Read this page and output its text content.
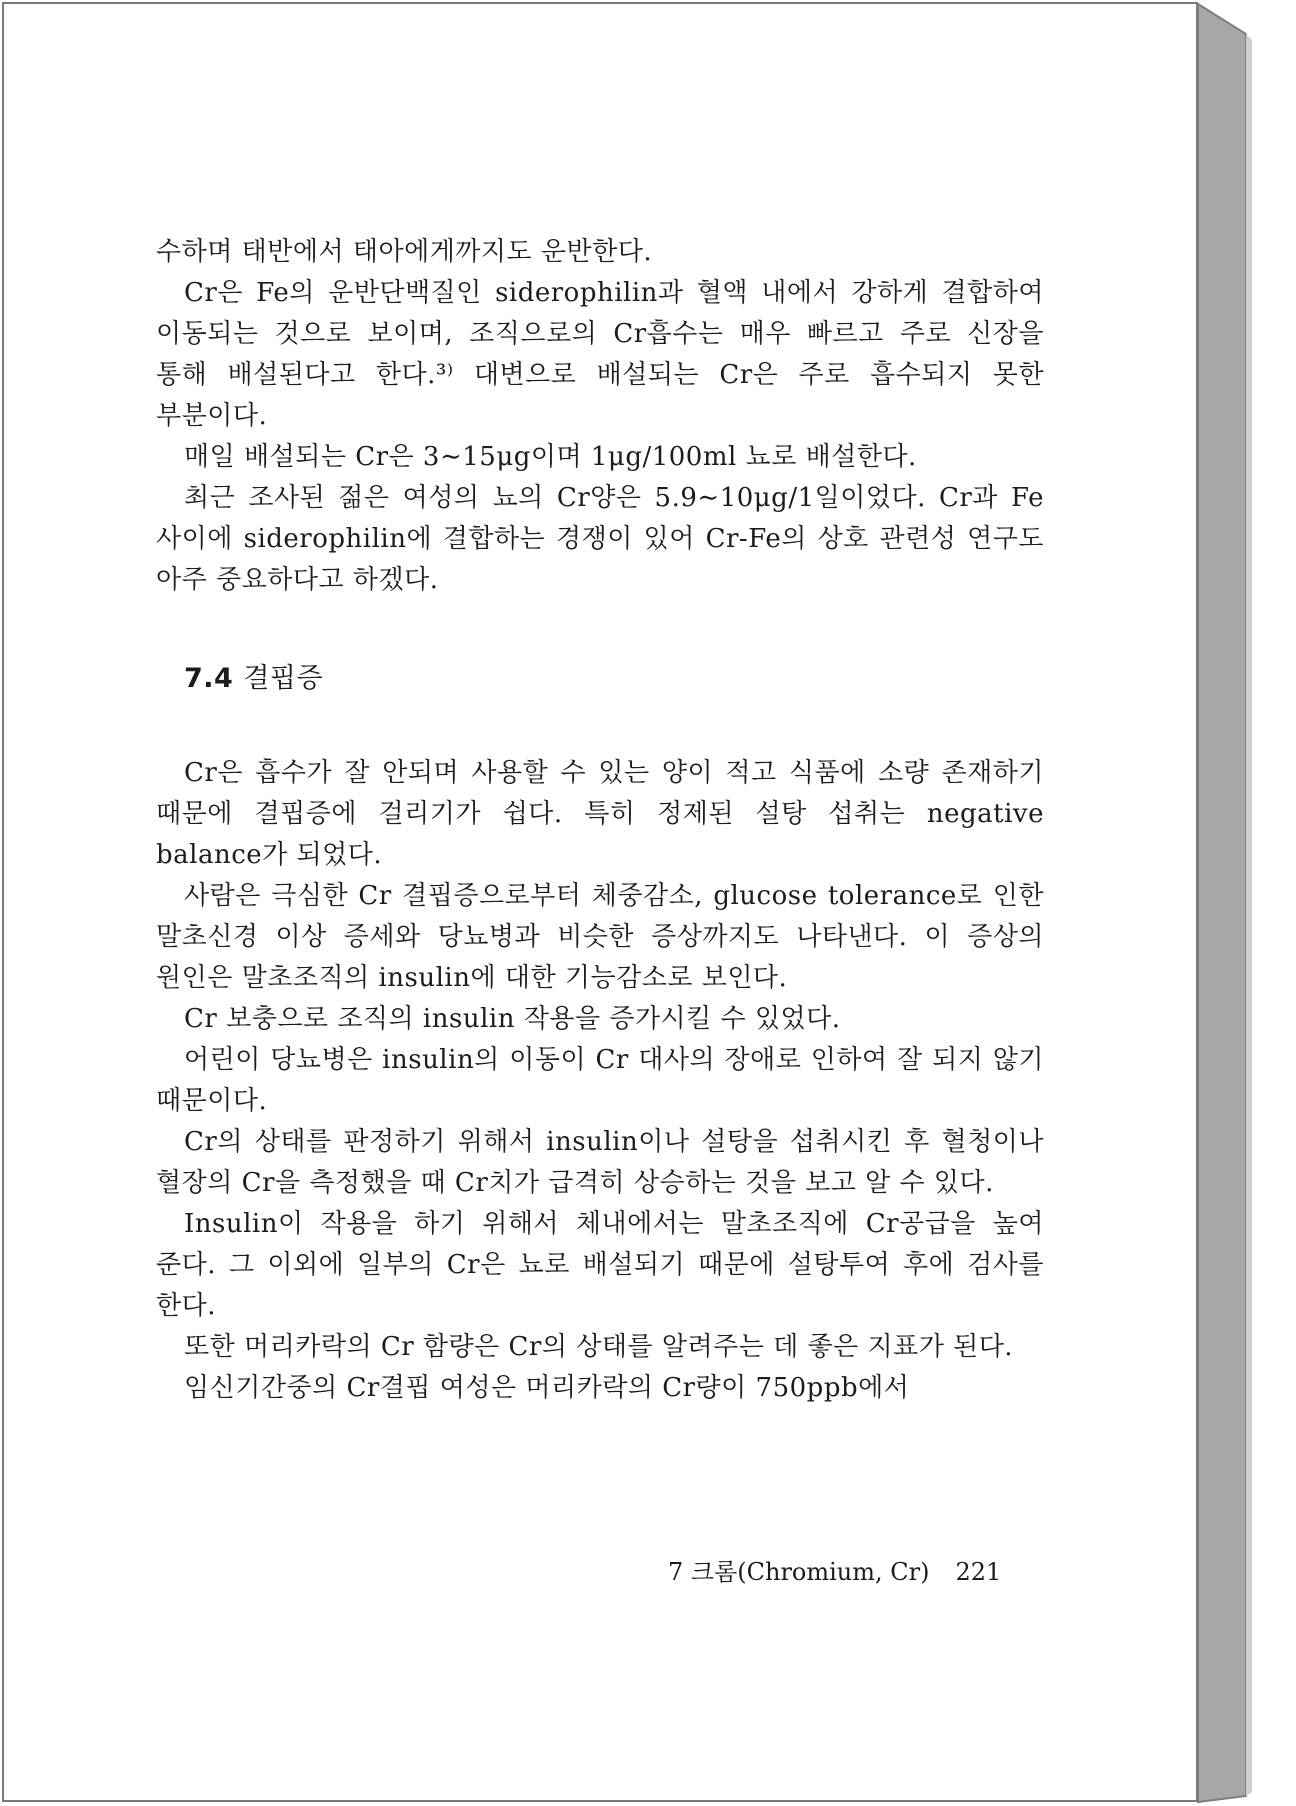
수하며 태반에서 태아에게까지도 운반한다.

Cr은 Fe의 운반단백질인 siderophilin과 혈액 내에서 강하게 결합하여 이동되는 것으로 보이며, 조직으로의 Cr흡수는 매우 빠르고 주로 신장을 통해 배설된다고 한다.³⁾ 대변으로 배설되는 Cr은 주로 흡수되지 못한 부분이다.

매일 배설되는 Cr은 3∼15μg이며 1μg/100ml 뇨로 배설한다.

최근 조사된 젊은 여성의 뇨의 Cr양은 5.9∼10μg/1일이었다. Cr과 Fe 사이에 siderophilin에 결합하는 경쟁이 있어 Cr-Fe의 상호 관련성 연구도 아주 중요하다고 하겠다.

7.4 결핍증

Cr은 흡수가 잘 안되며 사용할 수 있는 양이 적고 식품에 소량 존재하기 때문에 결핍증에 걸리기가 쉽다. 특히 정제된 설탕 섭취는 negative balance가 되었다.

사람은 극심한 Cr 결핍증으로부터 체중감소, glucose tolerance로 인한 말초신경 이상 증세와 당뇨병과 비슷한 증상까지도 나타낸다. 이 증상의 원인은 말초조직의 insulin에 대한 기능감소로 보인다.

Cr 보충으로 조직의 insulin 작용을 증가시킬 수 있었다.

어린이 당뇨병은 insulin의 이동이 Cr 대사의 장애로 인하여 잘 되지 않기 때문이다.

Cr의 상태를 판정하기 위해서 insulin이나 설탕을 섭취시킨 후 혈청이나 혈장의 Cr을 측정했을 때 Cr치가 급격히 상승하는 것을 보고 알 수 있다.

Insulin이 작용을 하기 위해서 체내에서는 말초조직에 Cr공급을 높여 준다. 그 이외에 일부의 Cr은 뇨로 배설되기 때문에 설탕투여 후에 검사를 한다.

또한 머리카락의 Cr 함량은 Cr의 상태를 알려주는 데 좋은 지표가 된다.

임신기간중의 Cr결핍 여성은 머리카락의 Cr량이 750ppb에서

7 크롬(Chromium, Cr) 221
